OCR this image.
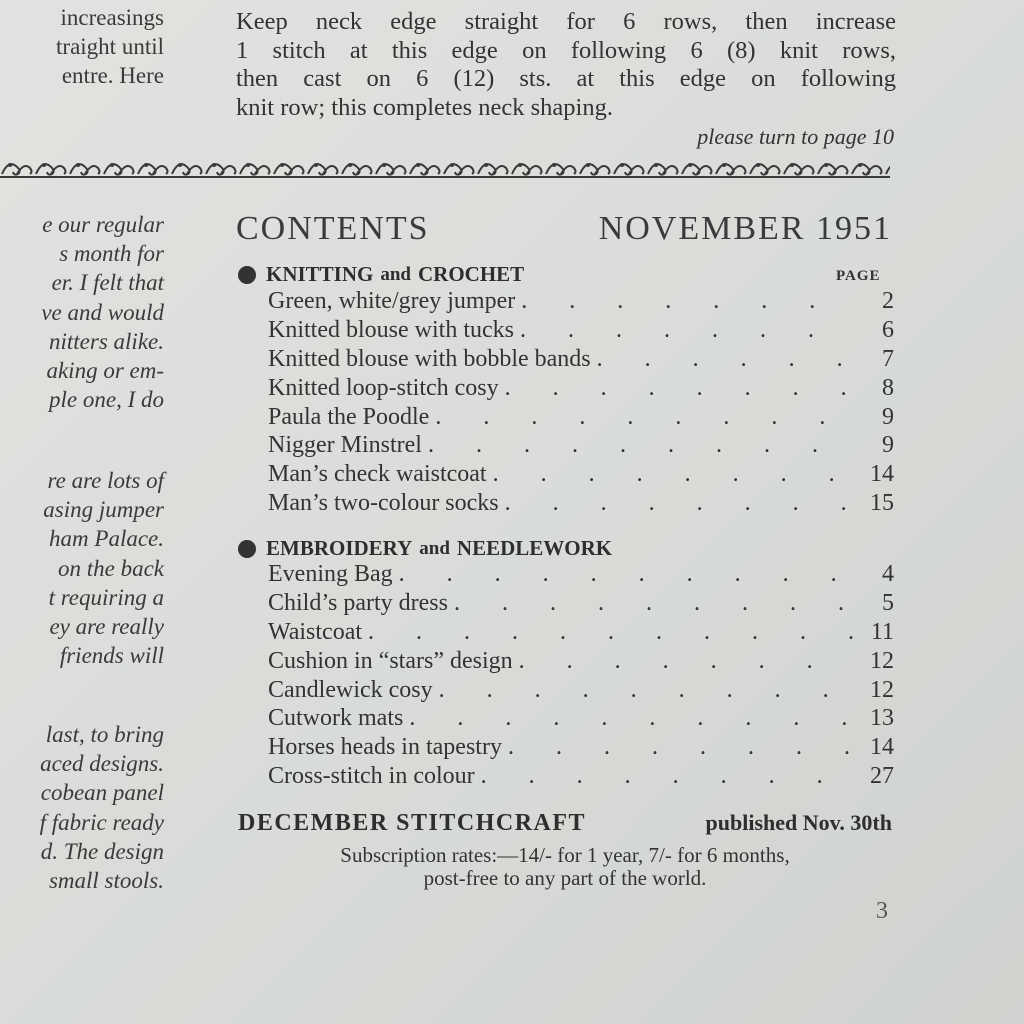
increasings
traight until
entre. Here
e our regular
s month for
er. I felt that
ve and would
nitters alike.
aking or em-
ple one, I do
re are lots of
asing jumper
ham Palace.
on the back
t requiring a
ey are really
friends will
last, to bring
aced designs.
cobean panel
f fabric ready
d. The design
small stools.
Keep neck edge straight for 6 rows, then increase
1 stitch at this edge on following 6 (8) knit rows,
then cast on 6 (12) sts. at this edge on following
knit row; this completes neck shaping.
please turn to page 10
CONTENTS	NOVEMBER 1951
KNITTING and CROCHET	PAGE
Green, white/grey jumper . . .	2
Knitted blouse with tucks . . .	6
Knitted blouse with bobble bands . . .	7
Knitted loop-stitch cosy . . .	8
Paula the Poodle . . .	9
Nigger Minstrel . . .	9
Man’s check waistcoat . . .	14
Man’s two-colour socks . . .	15
EMBROIDERY and NEEDLEWORK
Evening Bag . . .	4
Child’s party dress . . .	5
Waistcoat . . .	11
Cushion in “stars” design . . .	12
Candlewick cosy . . .	12
Cutwork mats . . .	13
Horses heads in tapestry . . .	14
Cross-stitch in colour . . .	27
DECEMBER STITCHCRAFT	published Nov. 30th
Subscription rates:—14/- for 1 year, 7/- for 6 months,
post-free to any part of the world.
3
